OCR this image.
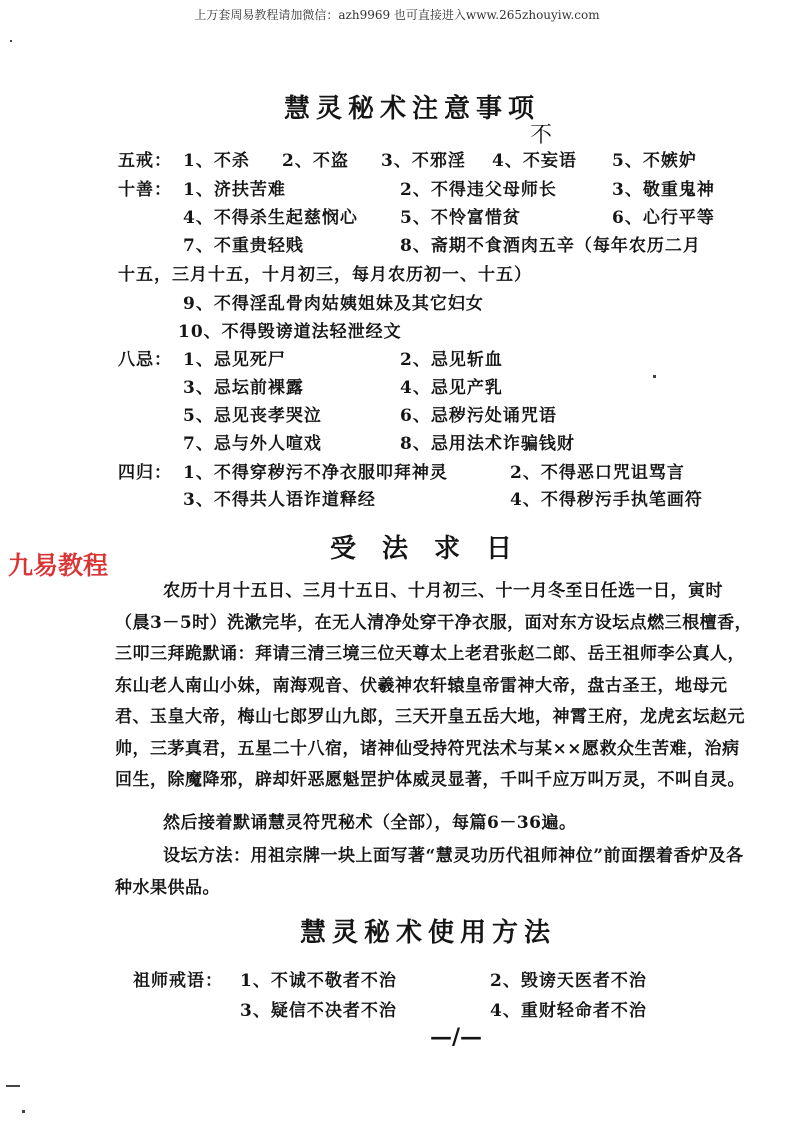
上万套周易教程请加微信：azh9969 也可直接进入www.265zhouyiw.com
慧灵秘术注意事项
五戒： 1、不杀 2、不盗 3、不邪淫 4、不妄语 5、不嫉妒
不
十善： 1、济扶苦难	2、不得违父母师长	3、敬重鬼神
4、不得杀生起慈悯心 5、不怜富惜贫	6、心行平等
7、不重贵轻贱	8、斋期不食酒肉五辛（每年农历二月
十五，三月十五，十月初三，每月农历初一、十五）
9、不得淫乱骨肉姑姨姐妹及其它妇女
10、不得毁谤道法轻泄经文
八忌： 1、忌见死尸	2、忌见斩血
3、忌坛前裸露	4、忌见产乳
5、忌见丧孝哭泣	6、忌秽污处诵咒语
7、忌与外人喧戏	8、忌用法术诈骗钱财
四归： 1、不得穿秽污不净衣服叩拜神灵	2、不得恶口咒诅骂言
3、不得共人语诈道释经	4、不得秽污手执笔画符
受法求日
九易教程
农历十月十五日、三月十五日、十月初三、十一月冬至日任选一日，寅时（晨3－5时）洗漱完毕，在无人清净处穿干净衣服，面对东方设坛点燃三根檀香，三叩三拜跪默诵：拜请三清三境三位天尊太上老君张赵二郎、岳王祖师李公真人，东山老人南山小妹，南海观音、伏羲神农轩辕皇帝雷神大帝，盘古圣王，地母元君、玉皇大帝，梅山七郎罗山九郎，三天开皇五岳大地，神霄王府，龙虎玄坛赵元帅，三茅真君，五星二十八宿，诸神仙受持符咒法术与某××愿救众生苦难，治病回生，除魔降邪，辟却奸恶愿魁罡护体威灵显著，千叫千应万叫万灵，不叫自灵。
然后接着默诵慧灵符咒秘术（全部），每篇6－36遍。
设坛方法：用祖宗牌一块上面写著“慧灵功历代祖师神位”前面摆着香炉及各种水果供品。
慧灵秘术使用方法
祖师戒语： 1、不诚不敬者不治	2、毁谤天医者不治
3、疑信不决者不治	4、重财轻命者不治
—/—
